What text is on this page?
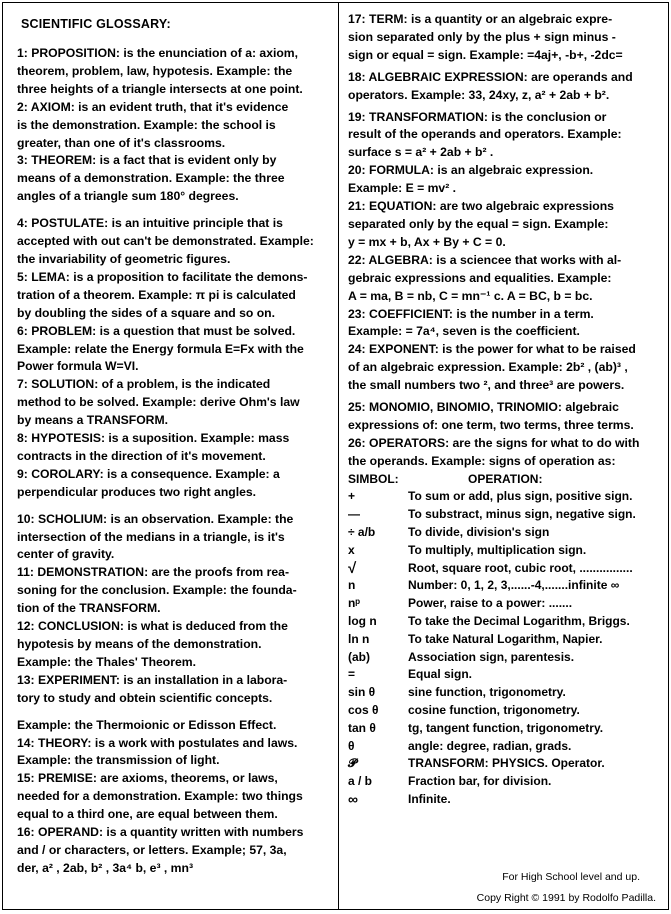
SCIENTIFIC GLOSSARY:

1: PROPOSITION: is the enunciation of a: axiom,
theorem, problem, law, hypotesis. Example: the
three heights of a triangle intersects at one point.
2: AXIOM: is an evident truth, that it's evidence
is the demonstration. Example: the school is
greater, than one of it's classrooms.
3: THEOREM: is a fact that is evident only by
means of a demonstration. Example: the three
angles of a triangle sum 180° degrees.

4: POSTULATE: is an intuitive principle that is
accepted with out can't be demonstrated. Example:
the invariability of geometric figures.
5: LEMA: is a proposition to facilitate the demons-
tration of a theorem. Example: π pi is calculated
by doubling the sides of a square and so on.
6: PROBLEM: is a question that must be solved.
Example: relate the Energy formula E=Fx with the
Power formula W=VI.
7: SOLUTION: of a problem, is the indicated
method to be solved. Example: derive Ohm's law
by means a TRANSFORM.
8: HYPOTESIS: is a suposition. Example: mass
contracts in the direction of it's movement.
9: COROLARY: is a consequence. Example: a
perpendicular produces two right angles.

10: SCHOLIUM: is an observation. Example: the
intersection of the medians in a triangle, is it's
center of gravity.
11: DEMONSTRATION: are the proofs from rea-
soning for the conclusion. Example: the founda-
tion of the TRANSFORM.
12: CONCLUSION: is what is deduced from the
hypotesis by means of the demonstration.
Example: the Thales' Theorem.
13: EXPERIMENT: is an installation in a labora-
tory to study and obtein scientific concepts.

Example: the Thermoionic or Edisson Effect.
14: THEORY: is a work with postulates and laws.
Example: the transmission of light.
15: PREMISE: are axioms, theorems, or laws,
needed for a demonstration. Example: two things
equal to a third one, are equal between them.
16: OPERAND: is a quantity written with numbers
and / or characters, or letters. Example; 57, 3a,
der, a² , 2ab, b² , 3a⁴ b, e³ , mn³

17: TERM: is a quantity or an algebraic expre-
sion separated only by the plus + sign minus -
sign or equal = sign. Example: =4aj+, -b+, -2dc=

18: ALGEBRAIC EXPRESSION: are operands and
operators. Example: 33, 24xy, z, a² + 2ab + b².

19: TRANSFORMATION: is the conclusion or
result of the operands and operators. Example:
surface s = a² + 2ab + b² .
20: FORMULA: is an algebraic expression.
Example: E = mv² .
21: EQUATION: are two algebraic expressions
separated only by the equal = sign. Example:
y = mx + b, Ax + By + C = 0.
22: ALGEBRA: is a sciencee that works with al-
gebraic expressions and equalities. Example:
A = ma, B = nb, C = mn⁻¹ c. A = BC, b = bc.
23: COEFFICIENT: is the number in a term.
Example: = 7a⁴, seven is the coefficient.
24: EXPONENT: is the power for what to be raised
of an algebraic expression. Example: 2b² , (ab)³ ,
the small numbers two ², and three³ are powers.

25: MONOMIO, BINOMIO, TRINOMIO: algebraic
expressions of: one term, two terms, three terms.
26: OPERATORS: are the signs for what to do with
the operands. Example: signs of operation as:

SIMBOL:	OPERATION:
+	To sum or add, plus sign, positive sign.
—	To substract, minus sign, negative sign.
÷ a/b	To divide, division's sign
x	To multiply, multiplication sign.
√	Root, square root, cubic root, ................
n	Number: 0, 1, 2, 3,......-4,.......infinite ∞
nᵖ	Power, raise to a power: .......
log n	To take the Decimal Logarithm, Briggs.
ln n	To take Natural Logarithm, Napier.
(ab)	Association sign, parentesis.
=	Equal sign.
sin θ	sine function, trigonometry.
cos θ	cosine function, trigonometry.
tan θ	tg, tangent function, trigonometry.
θ	angle: degree, radian, grads.
𝓟	TRANSFORM: PHYSICS. Operator.
a / b	Fraction bar, for division.
∞	Infinite.
For High School level and up.
Copy Right © 1991 by Rodolfo Padilla.
